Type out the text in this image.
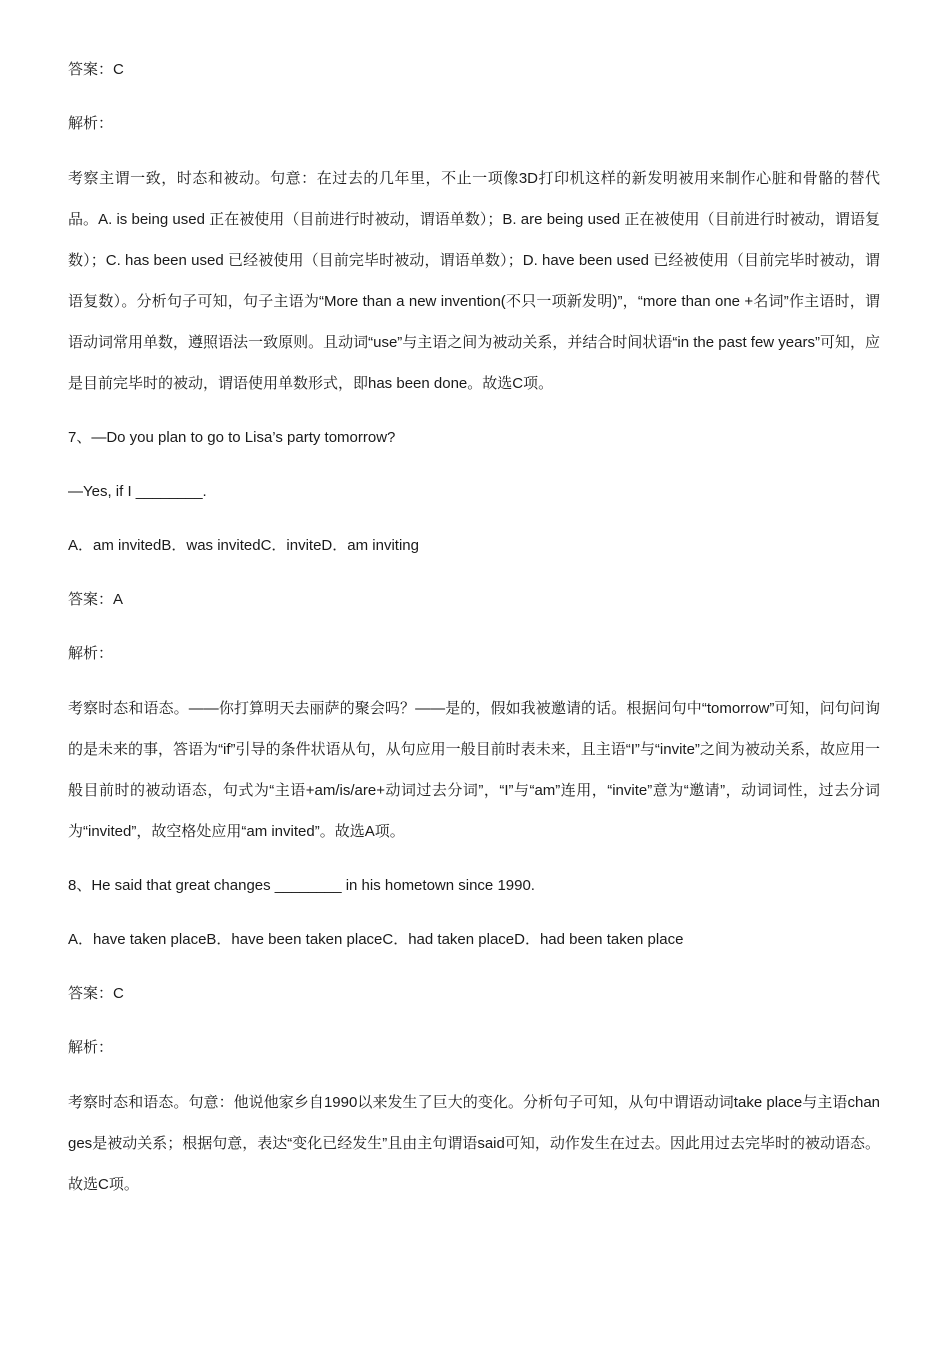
答案：C

解析：

考察主谓一致，时态和被动。句意：在过去的几年里，不止一项像3D打印机这样的新发明被用来制作心脏和骨骼的替代品。A. is being used 正在被使用（目前进行时被动，谓语单数）；B. are being used 正在被使用（目前进行时被动，谓语复数）；C. has been used 已经被使用（目前完毕时被动，谓语单数）；D. have been used 已经被使用（目前完毕时被动，谓语复数）。分析句子可知，句子主语为“More than a new invention(不只一项新发明)”，“more than one +名词”作主语时，谓语动词常用单数，遵照语法一致原则。且动词“use”与主语之间为被动关系，并结合时间状语“in the past few years”可知，应是目前完毕时的被动，谓语使用单数形式，即has been done。故选C项。

7、—Do you plan to go to Lisa’s party tomorrow?

—Yes, if I ________.

A．am invitedB．was invitedC．inviteD．am inviting

答案：A

解析：

考察时态和语态。——你打算明天去丽萨的聚会吗？——是的，假如我被邀请的话。根据问句中“tomorrow”可知，问句问询的是未来的事，答语为“if”引导的条件状语从句，从句应用一般目前时表未来，且主语“I”与“invite”之间为被动关系，故应用一般目前时的被动语态，句式为“主语+am/is/are+动词过去分词”，“I”与“am”连用，“invite”意为“邀请”，动词词性，过去分词为“invited”，故空格处应用“am invited”。故选A项。

8、He said that great changes ________ in his hometown since 1990.

A．have taken placeB．have been taken placeC．had taken placeD．had been taken place

答案：C

解析：

考察时态和语态。句意：他说他家乡自1990以来发生了巨大的变化。分析句子可知，从句中谓语动词take place与主语changes是被动关系；根据句意，表达“变化已经发生”且由主句谓语said可知，动作发生在过去。因此用过去完毕时的被动语态。故选C项。
